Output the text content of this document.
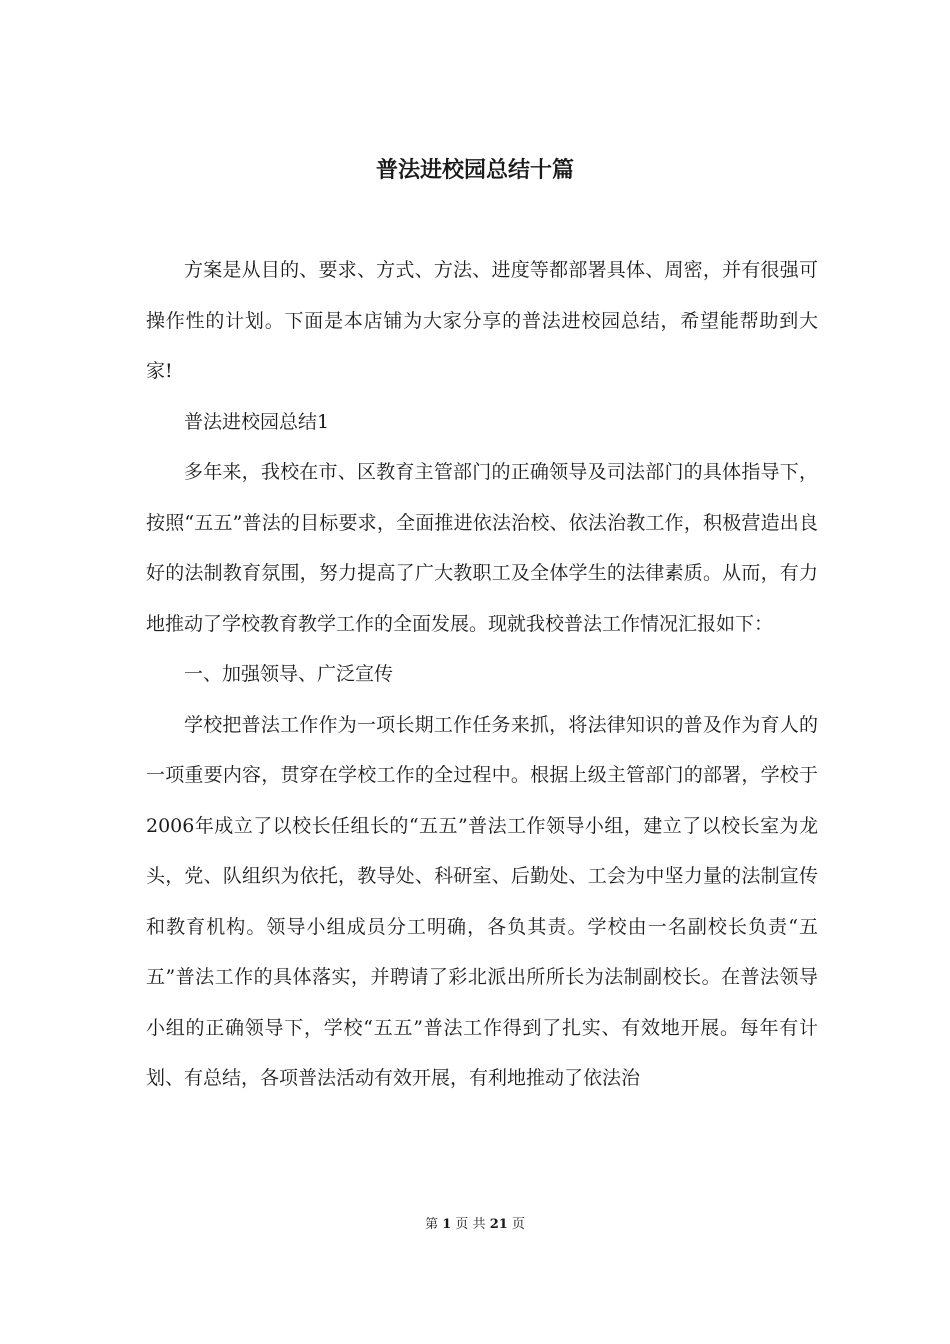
普法进校园总结十篇

方案是从目的、要求、方式、方法、进度等都部署具体、周密，并有很强可操作性的计划。下面是本店铺为大家分享的普法进校园总结，希望能帮助到大家!

普法进校园总结1

多年来，我校在市、区教育主管部门的正确领导及司法部门的具体指导下，按照“五五”普法的目标要求，全面推进依法治校、依法治教工作，积极营造出良好的法制教育氛围，努力提高了广大教职工及全体学生的法律素质。从而，有力地推动了学校教育教学工作的全面发展。现就我校普法工作情况汇报如下：

一、加强领导、广泛宣传

学校把普法工作作为一项长期工作任务来抓，将法律知识的普及作为育人的一项重要内容，贯穿在学校工作的全过程中。根据上级主管部门的部署，学校于2006年成立了以校长任组长的“五五”普法工作领导小组，建立了以校长室为龙头，党、队组织为依托，教导处、科研室、后勤处、工会为中坚力量的法制宣传和教育机构。领导小组成员分工明确，各负其责。学校由一名副校长负责“五五”普法工作的具体落实，并聘请了彩北派出所所长为法制副校长。在普法领导小组的正确领导下，学校“五五”普法工作得到了扎实、有效地开展。每年有计划、有总结，各项普法活动有效开展，有利地推动了依法治

第 1 页 共 21 页
